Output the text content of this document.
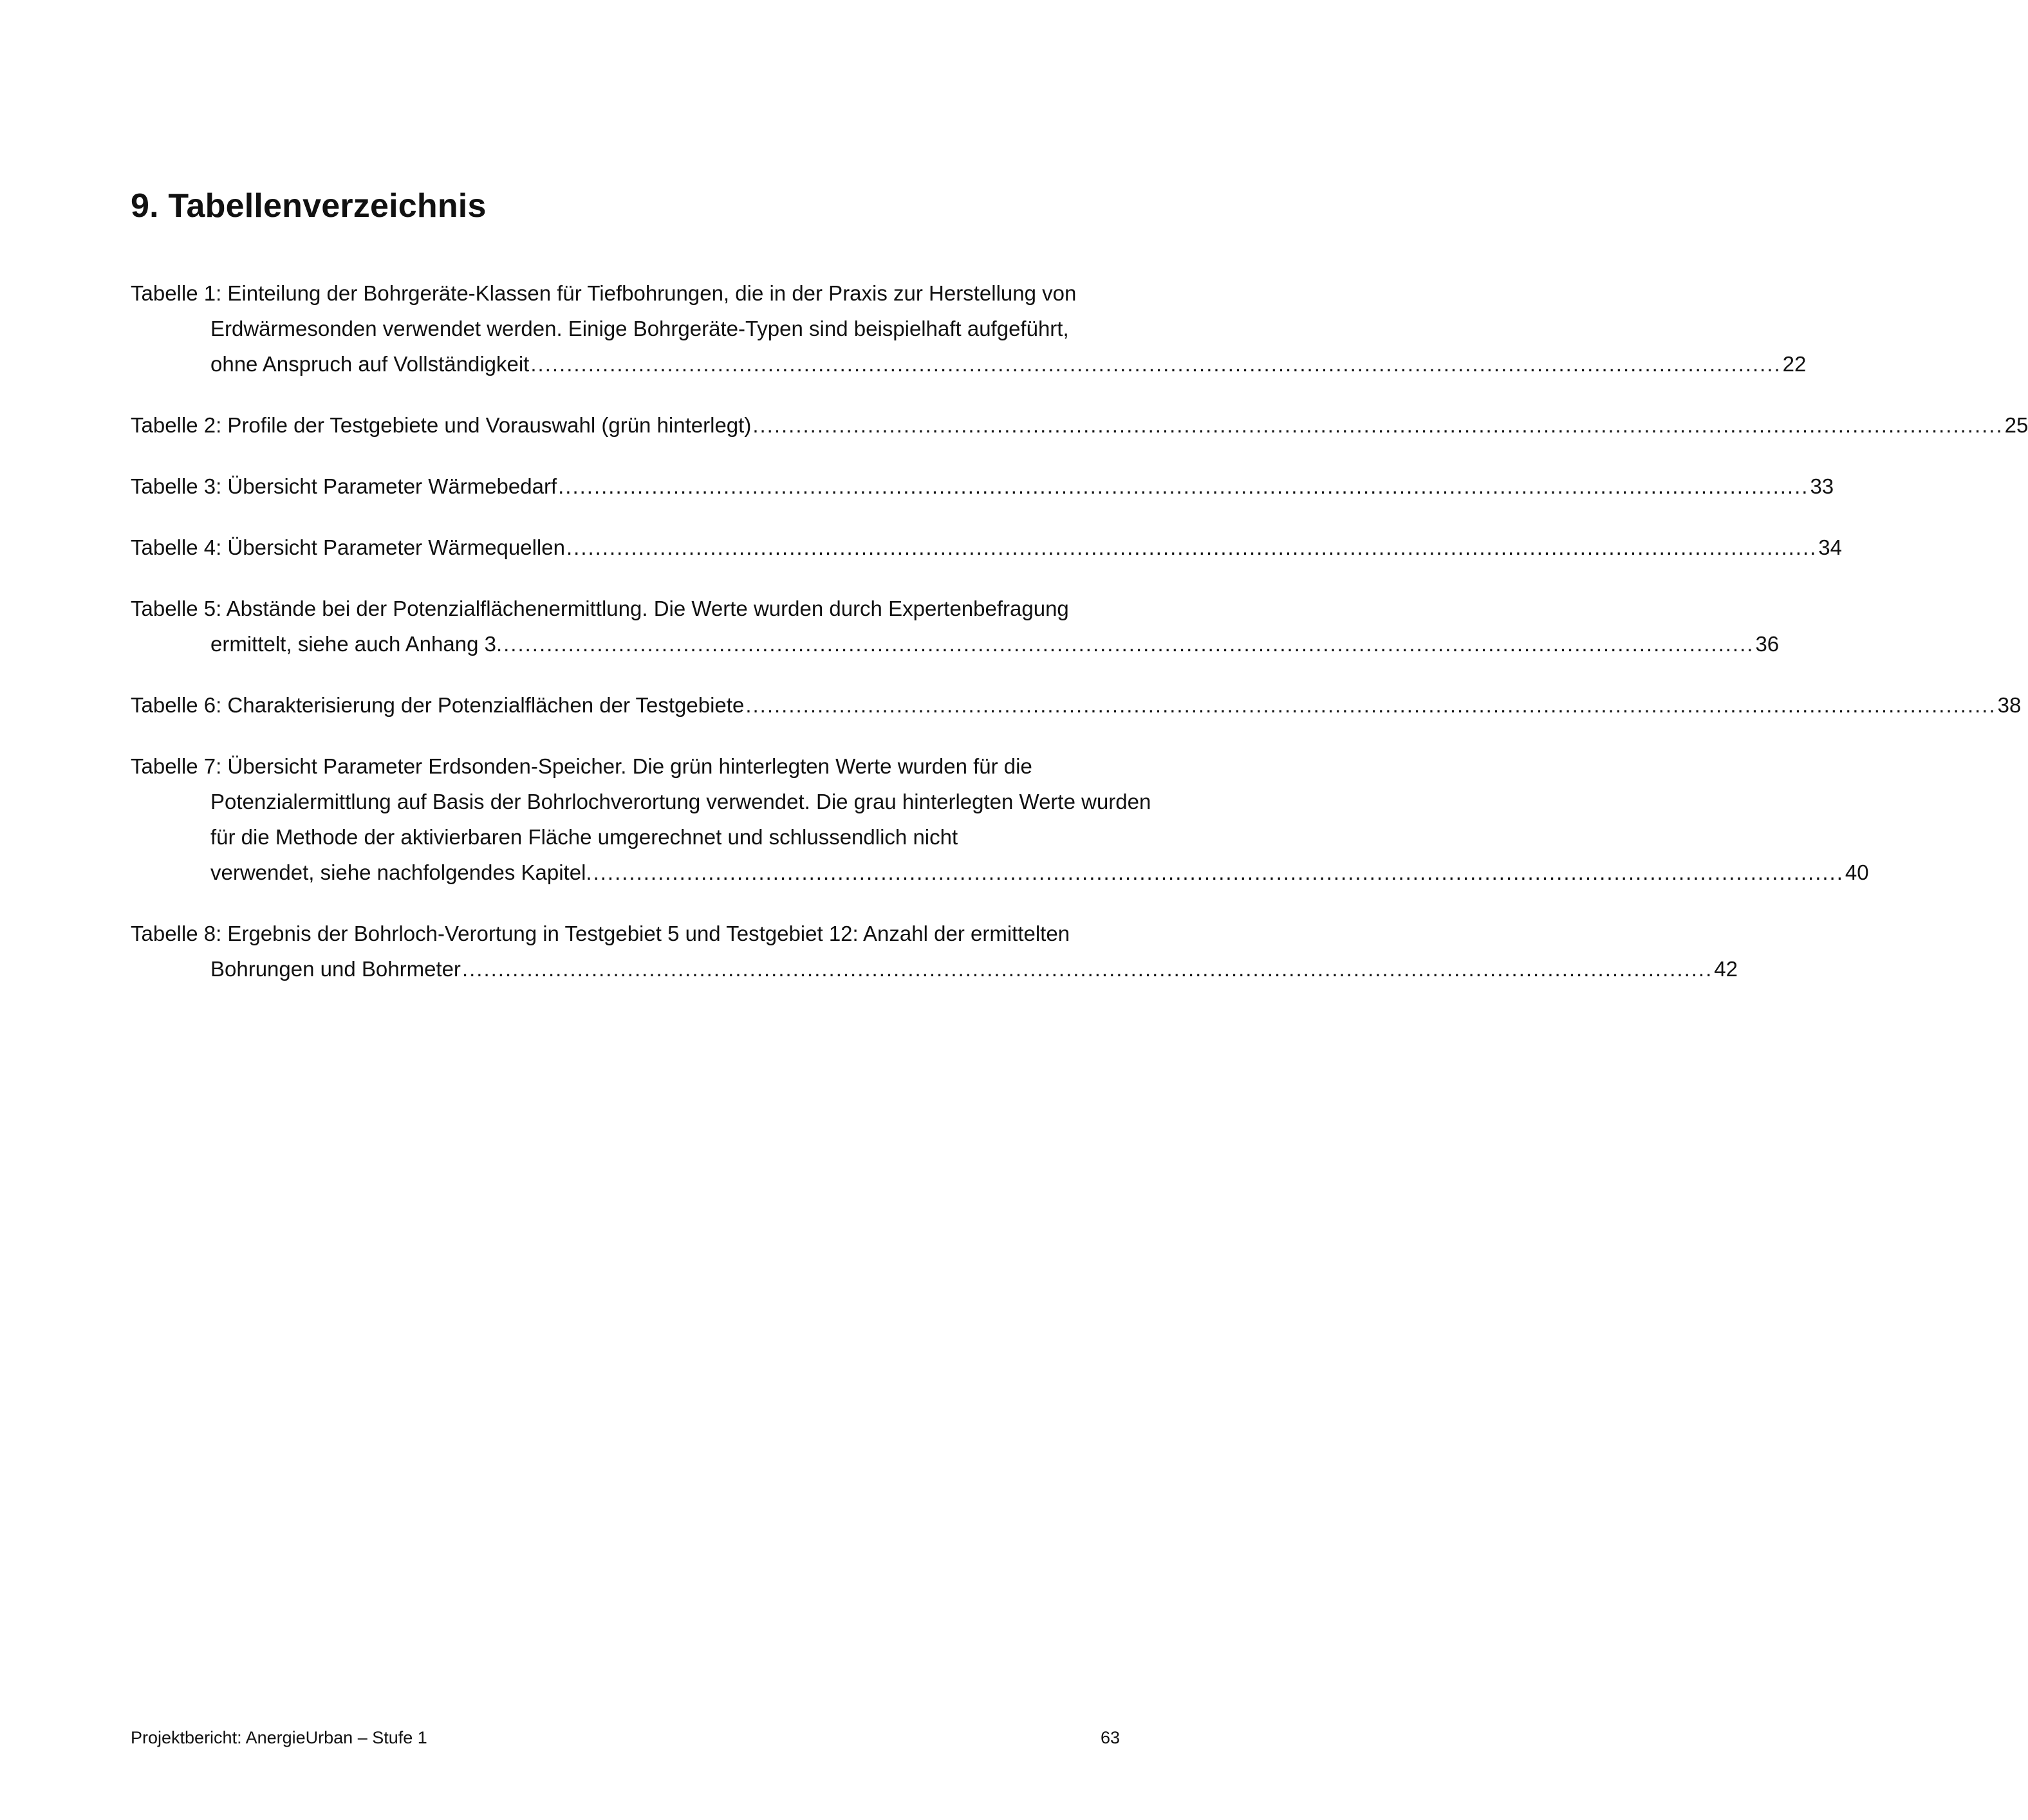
9. Tabellenverzeichnis
Tabelle 1: Einteilung der Bohrgeräte-Klassen für Tiefbohrungen, die in der Praxis zur Herstellung von Erdwärmesonden verwendet werden. Einige Bohrgeräte-Typen sind beispielhaft aufgeführt,
ohne Anspruch auf Vollständigkeit .............................................................................................................................................................................. 22
Tabelle 2: Profile der Testgebiete und Vorauswahl (grün hinterlegt) .............................................................................................................................................................................. 25
Tabelle 3: Übersicht Parameter Wärmebedarf .............................................................................................................................................................................. 33
Tabelle 4: Übersicht Parameter Wärmequellen .............................................................................................................................................................................. 34
Tabelle 5: Abstände bei der Potenzialflächenermittlung. Die Werte wurden durch Expertenbefragung
ermittelt, siehe auch Anhang 3. .............................................................................................................................................................................. 36
Tabelle 6: Charakterisierung der Potenzialflächen der Testgebiete .............................................................................................................................................................................. 38
Tabelle 7: Übersicht Parameter Erdsonden-Speicher. Die grün hinterlegten Werte wurden für die Potenzialermittlung auf Basis der Bohrlochverortung verwendet. Die grau hinterlegten Werte wurden für die Methode der aktivierbaren Fläche umgerechnet und schlussendlich nicht
verwendet, siehe nachfolgendes Kapitel. .............................................................................................................................................................................. 40
Tabelle 8: Ergebnis der Bohrloch-Verortung in Testgebiet 5 und Testgebiet 12: Anzahl der ermittelten
Bohrungen und Bohrmeter .............................................................................................................................................................................. 42
Projektbericht: AnergieUrban – Stufe 1	63
